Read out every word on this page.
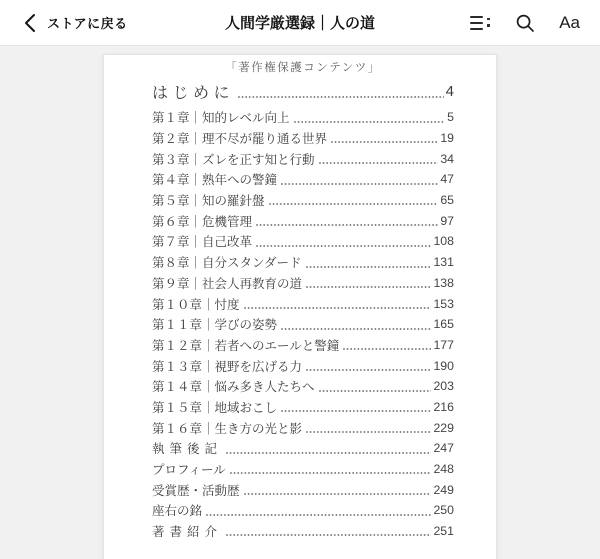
ストアに戻る	人間学厳選録｜人の道	Aa
「著作権保護コンテンツ」
はじめに	4
第１章｜知的レベル向上	5
第２章｜理不尽が罷り通る世界	19
第３章｜ズレを正す知と行動	34
第４章｜熟年への警鐘	47
第５章｜知の羅針盤	65
第６章｜危機管理	97
第７章｜自己改革	108
第８章｜自分スタンダード	131
第９章｜社会人再教育の道	138
第１０章｜忖度	153
第１１章｜学びの姿勢	165
第１２章｜若者へのエールと警鐘	177
第１３章｜視野を広げる力	190
第１４章｜悩み多き人たちへ	203
第１５章｜地域おこし	216
第１６章｜生き方の光と影	229
執筆後記	247
プロフィール	248
受賞歴・活動歴	249
座右の銘	250
著書紹介	251
